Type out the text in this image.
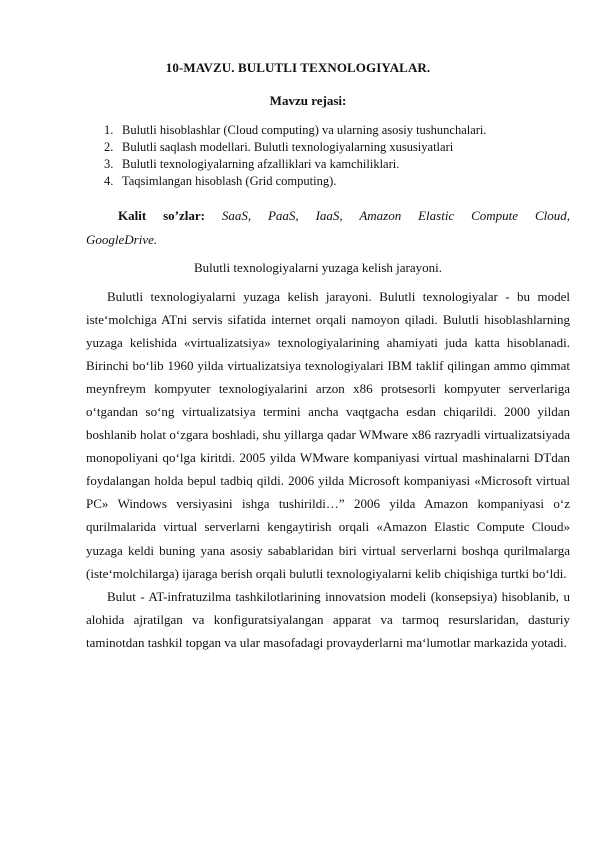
10-MAVZU. BULUTLI TEXNOLOGIYALAR.
Mavzu rejasi:
1. Bulutli hisoblashlar (Cloud computing) va ularning asosiy tushunchalari.
2. Bulutli saqlash modellari. Bulutli texnologiyalarning xususiyatlari
3. Bulutli texnologiyalarning afzalliklari va kamchiliklari.
4. Taqsimlangan hisoblash (Grid computing).
Kalit so’zlar: SaaS, PaaS, IaaS, Amazon Elastic Compute Cloud,
GoogleDrive.
Bulutli texnologiyalarni yuzaga kelish jarayoni.

Bulutli texnologiyalarni yuzaga kelish jarayoni. Bulutli texnologiyalar - bu model iste‘molchiga ATni servis sifatida internet orqali namoyon qiladi. Bulutli hisoblashlarning yuzaga kelishida «virtualizatsiya» texnologiyalarining ahamiyati juda katta hisoblanadi. Birinchi bo‘lib 1960 yilda virtualizatsiya texnologiyalari IBM taklif qilingan ammo qimmat meynfreym kompyuter texnologiyalarini arzon x86 protsesorli kompyuter serverlariga o‘tgandan so‘ng virtualizatsiya termini ancha vaqtgacha esdan chiqarildi. 2000 yildan boshlanib holat o‘zgara boshladi, shu yillarga qadar WMware x86 razryadli virtualizatsiyada monopoliyani qo‘lga kiritdi. 2005 yilda WMware kompaniyasi virtual mashinalarni DTdan foydalangan holda bepul tadbiq qildi. 2006 yilda Microsoft kompaniyasi «Microsoft virtual PC» Windows versiyasini ishga tushirildi…” 2006 yilda Amazon kompaniyasi o‘z qurilmalarida virtual serverlarni kengaytirish orqali «Amazon Elastic Compute Cloud» yuzaga keldi buning yana asosiy sabablaridan biri virtual serverlarni boshqa qurilmalarga (iste‘molchilarga) ijaraga berish orqali bulutli texnologiyalarni kelib chiqishiga turtki bo‘ldi.

Bulut - AT-infratuzilma tashkilotlarining innovatsion modeli (konsepsiya) hisoblanib, u alohida ajratilgan va konfiguratsiyalangan apparat va tarmoq resurslaridan, dasturiy taminotdan tashkil topgan va ular masofadagi provayderlarni ma‘lumotlar markazida yotadi.
